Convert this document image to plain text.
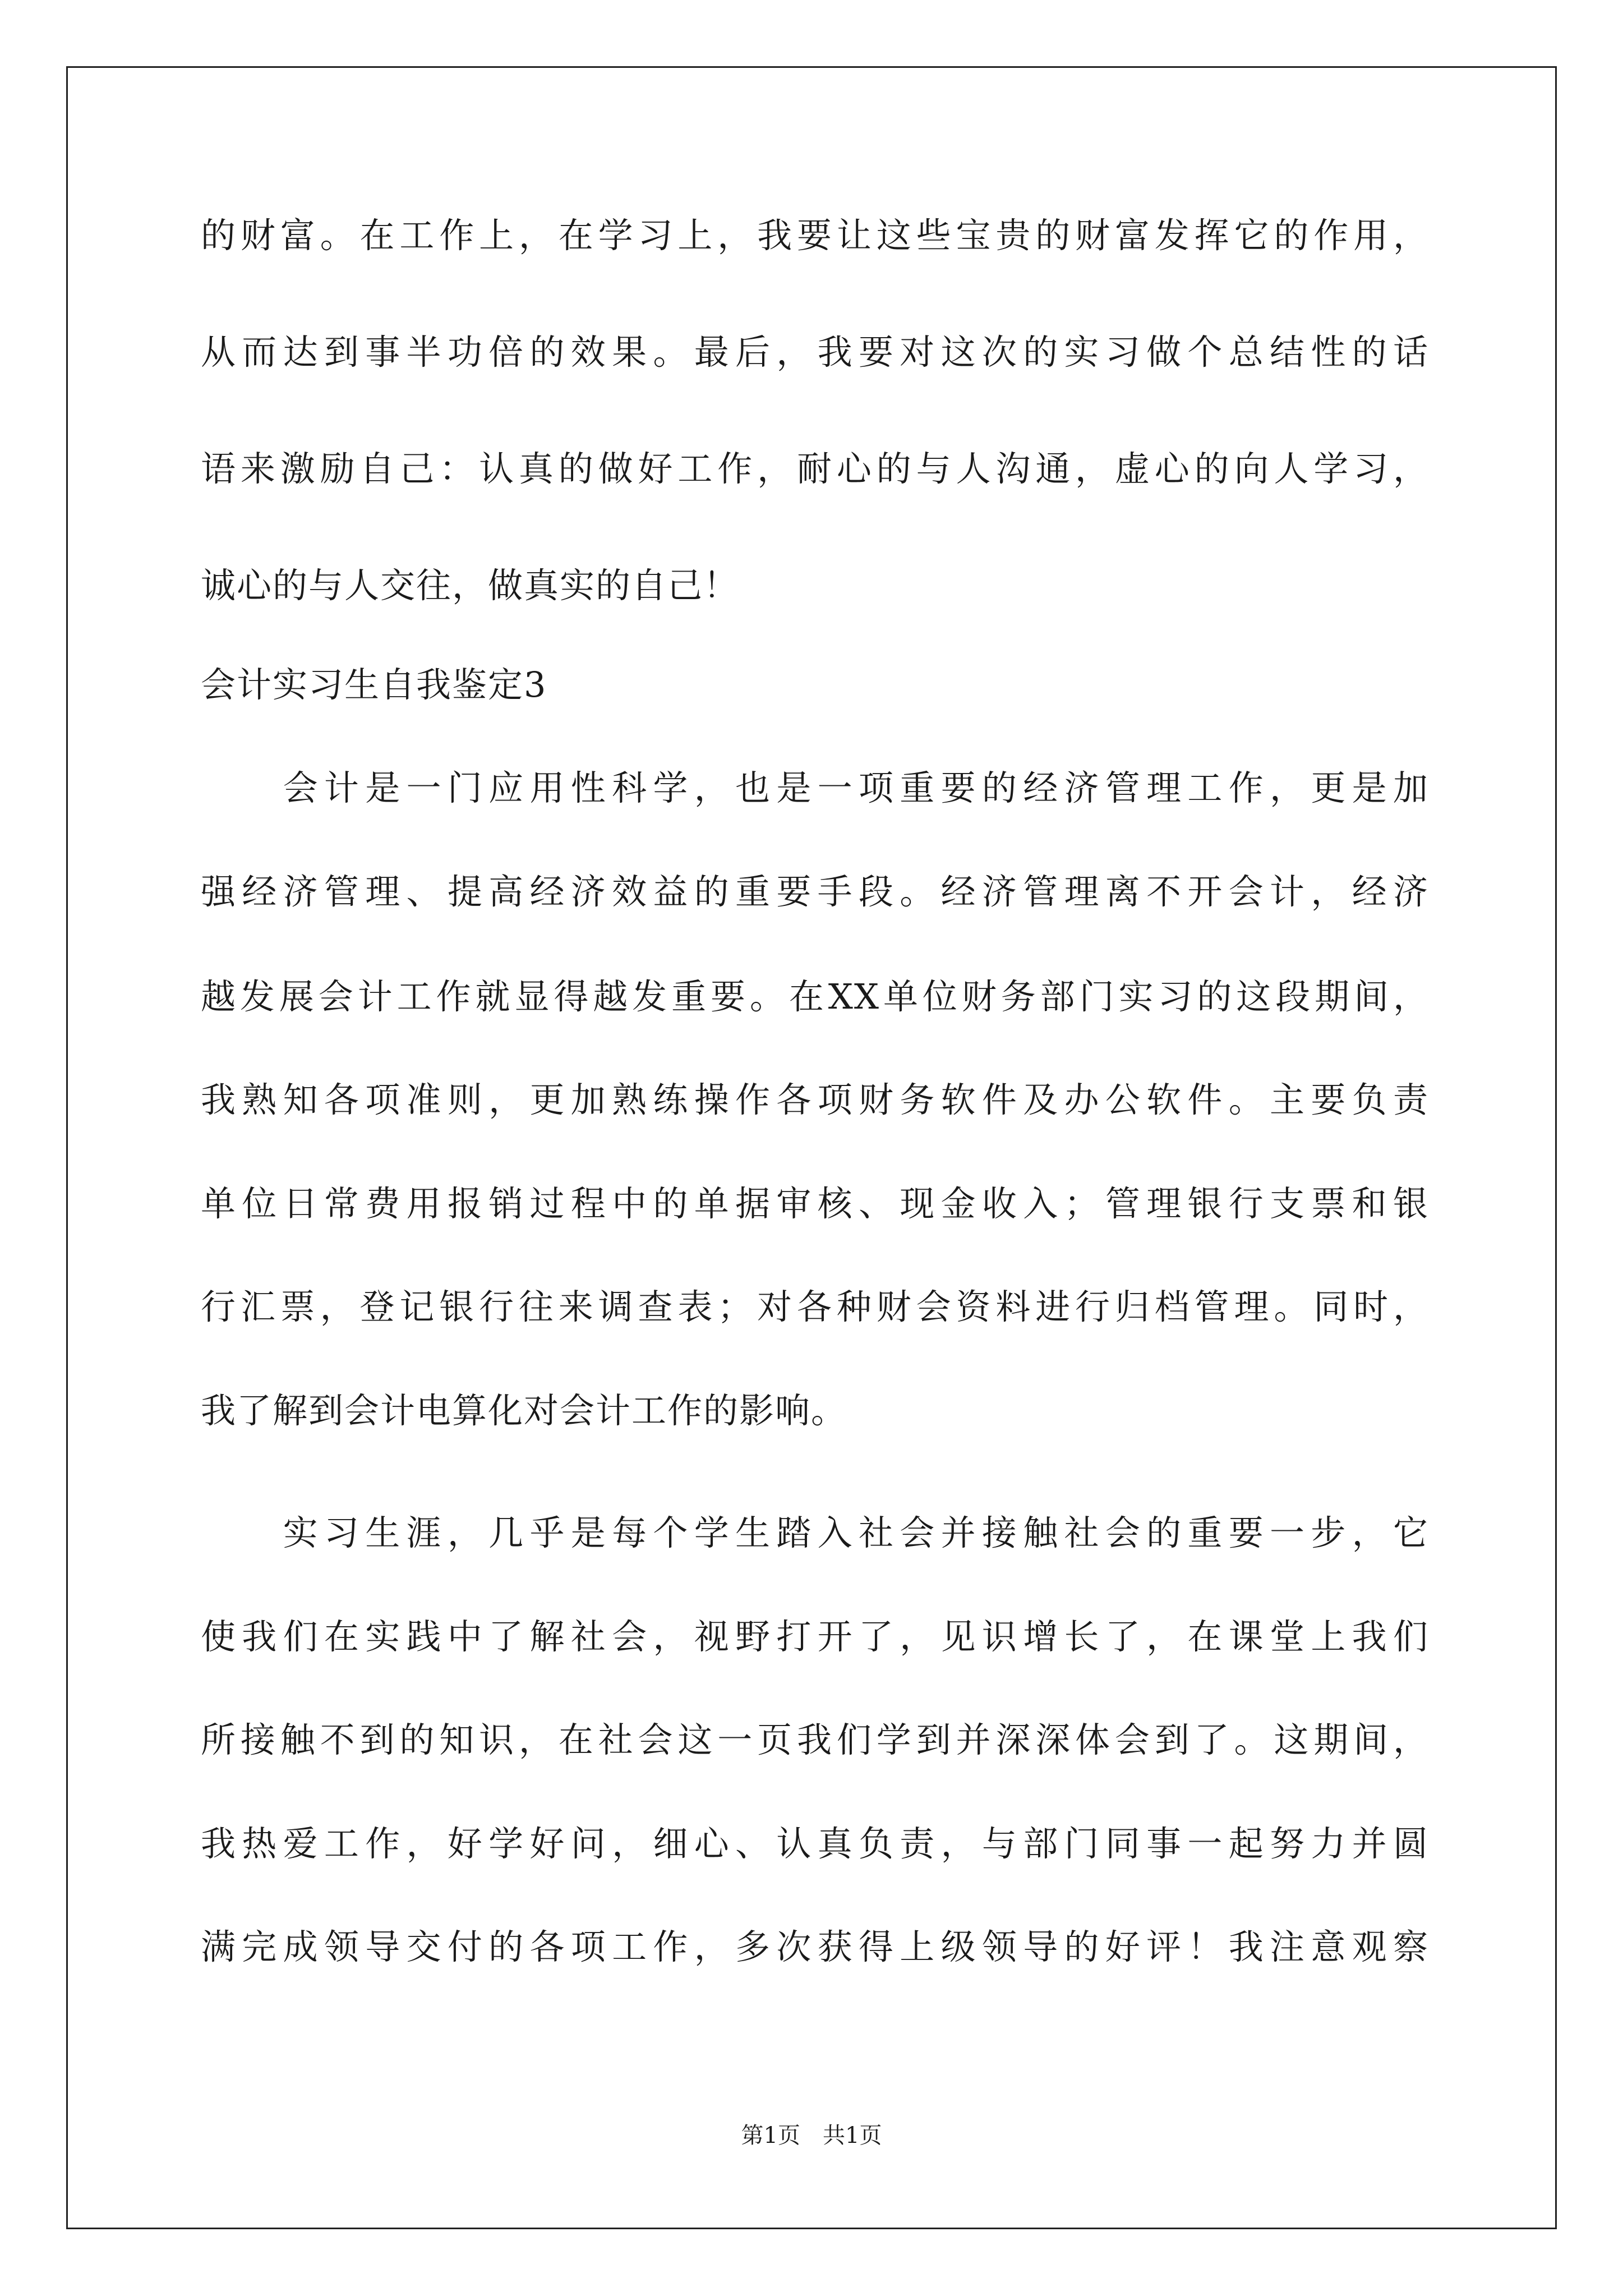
的财富。在工作上，在学习上，我要让这些宝贵的财富发挥它的作用，
从而达到事半功倍的效果。最后，我要对这次的实习做个总结性的话
语来激励自己：认真的做好工作，耐心的与人沟通，虚心的向人学习，
诚心的与人交往，做真实的自己！
会计实习生自我鉴定3
　　会计是一门应用性科学，也是一项重要的经济管理工作，更是加
强经济管理、提高经济效益的重要手段。经济管理离不开会计，经济
越发展会计工作就显得越发重要。在XX单位财务部门实习的这段期间，
我熟知各项准则，更加熟练操作各项财务软件及办公软件。主要负责
单位日常费用报销过程中的单据审核、现金收入；管理银行支票和银
行汇票，登记银行往来调查表；对各种财会资料进行归档管理。同时，
我了解到会计电算化对会计工作的影响。
　　实习生涯，几乎是每个学生踏入社会并接触社会的重要一步，它
使我们在实践中了解社会，视野打开了，见识增长了，在课堂上我们
所接触不到的知识，在社会这一页我们学到并深深体会到了。这期间，
我热爱工作，好学好问，细心、认真负责，与部门同事一起努力并圆
满完成领导交付的各项工作，多次获得上级领导的好评！我注意观察
第1页　共1页
